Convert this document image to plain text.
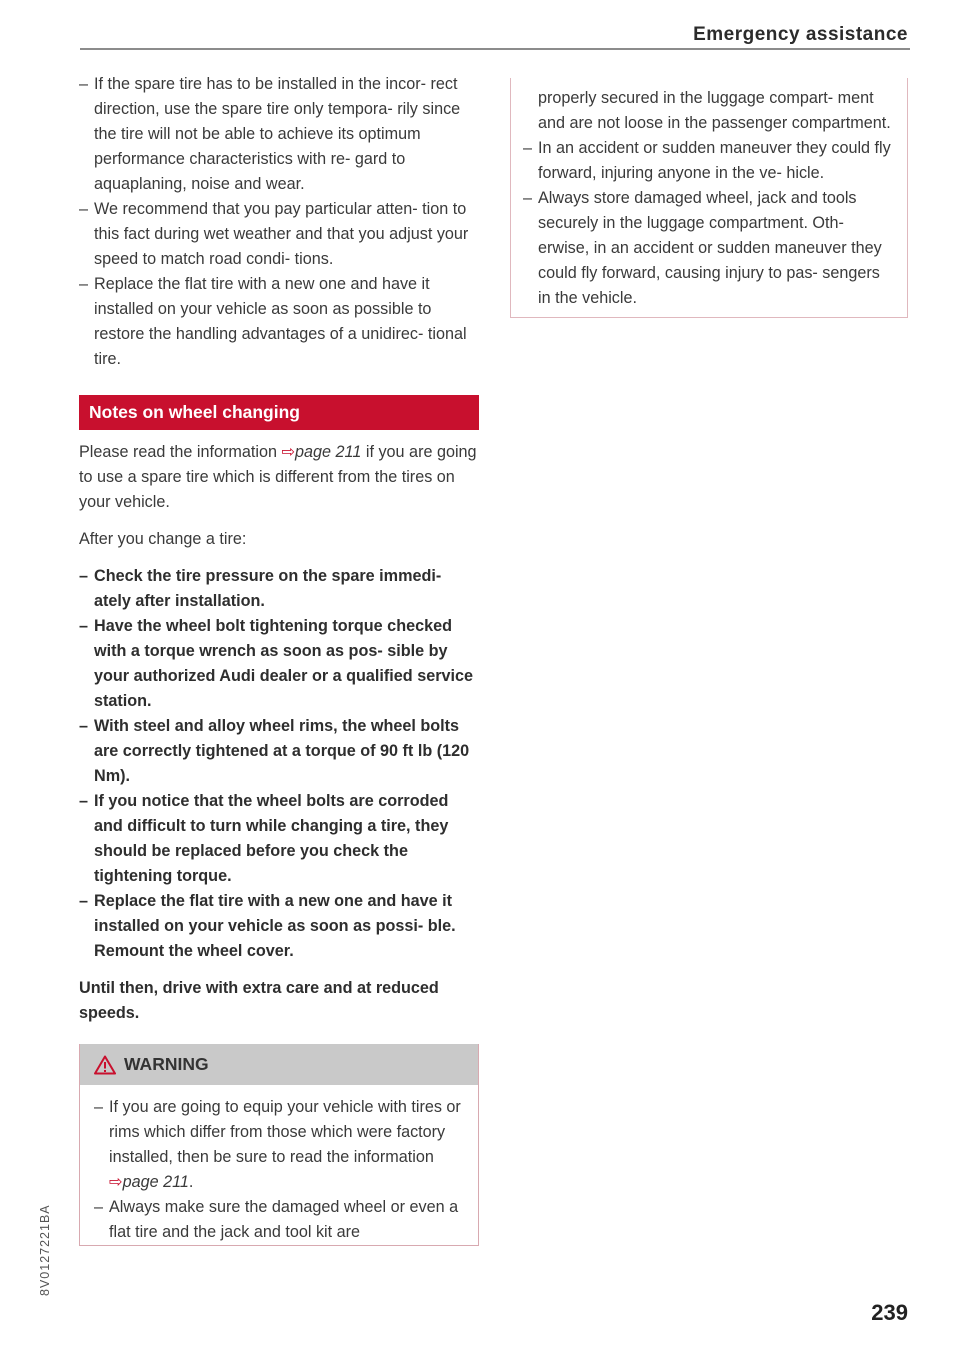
Emergency assistance
– If the spare tire has to be installed in the incor- rect direction, use the spare tire only tempora- rily since the tire will not be able to achieve its optimum performance characteristics with re- gard to aquaplaning, noise and wear.
– We recommend that you pay particular atten- tion to this fact during wet weather and that you adjust your speed to match road condi- tions.
– Replace the flat tire with a new one and have it installed on your vehicle as soon as possible to restore the handling advantages of a unidirec- tional tire.
Notes on wheel changing

Please read the information ⇨page 211 if you are going to use a spare tire which is different from the tires on your vehicle.

After you change a tire:

– Check the tire pressure on the spare immedi- ately after installation.
– Have the wheel bolt tightening torque checked with a torque wrench as soon as pos- sible by your authorized Audi dealer or a qualified service station.
– With steel and alloy wheel rims, the wheel bolts are correctly tightened at a torque of 90 ft lb (120 Nm).
– If you notice that the wheel bolts are corroded and difficult to turn while changing a tire, they should be replaced before you check the tightening torque.
– Replace the flat tire with a new one and have it installed on your vehicle as soon as possi- ble. Remount the wheel cover.

Until then, drive with extra care and at reduced speeds.

WARNING
– If you are going to equip your vehicle with tires or rims which differ from those which were factory installed, then be sure to read the information ⇨page 211.
– Always make sure the damaged wheel or even a flat tire and the jack and tool kit are
properly secured in the luggage compart- ment and are not loose in the passenger compartment.
– In an accident or sudden maneuver they could fly forward, injuring anyone in the ve- hicle.
– Always store damaged wheel, jack and tools securely in the luggage compartment. Oth- erwise, in an accident or sudden maneuver they could fly forward, causing injury to pas- sengers in the vehicle.
8V0127221BA
239
